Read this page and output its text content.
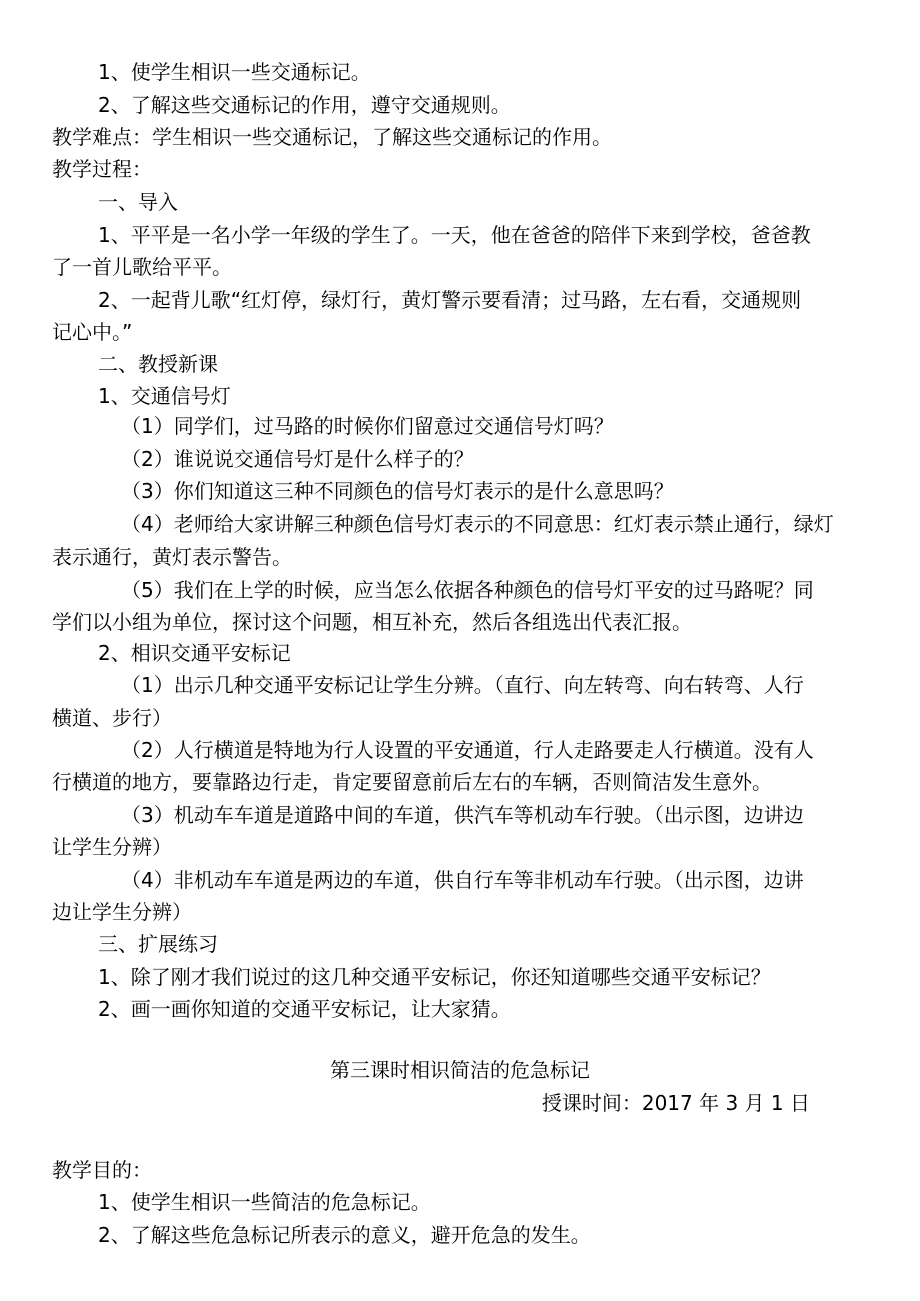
1、使学生相识一些交通标记。
2、了解这些交通标记的作用，遵守交通规则。
教学难点：学生相识一些交通标记，了解这些交通标记的作用。
教学过程：
一、导入
1、平平是一名小学一年级的学生了。一天，他在爸爸的陪伴下来到学校，爸爸教
了一首儿歌给平平。
2、一起背儿歌“红灯停，绿灯行，黄灯警示要看清；过马路，左右看，交通规则
记心中。”
二、教授新课
1、交通信号灯
（1）同学们，过马路的时候你们留意过交通信号灯吗？
（2）谁说说交通信号灯是什么样子的？
（3）你们知道这三种不同颜色的信号灯表示的是什么意思吗？
（4）老师给大家讲解三种颜色信号灯表示的不同意思：红灯表示禁止通行，绿灯
表示通行，黄灯表示警告。
（5）我们在上学的时候，应当怎么依据各种颜色的信号灯平安的过马路呢？同
学们以小组为单位，探讨这个问题，相互补充，然后各组选出代表汇报。
2、相识交通平安标记
（1）出示几种交通平安标记让学生分辨。（直行、向左转弯、向右转弯、人行
横道、步行）
（2）人行横道是特地为行人设置的平安通道，行人走路要走人行横道。没有人
行横道的地方，要靠路边行走，肯定要留意前后左右的车辆，否则简洁发生意外。
（3）机动车车道是道路中间的车道，供汽车等机动车行驶。（出示图，边讲边
让学生分辨）
（4）非机动车车道是两边的车道，供自行车等非机动车行驶。（出示图，边讲
边让学生分辨）
三、扩展练习
1、除了刚才我们说过的这几种交通平安标记，你还知道哪些交通平安标记？
2、画一画你知道的交通平安标记，让大家猜。
第三课时相识简洁的危急标记
授课时间：2017 年 3 月 1 日
教学目的：
1、使学生相识一些简洁的危急标记。
2、了解这些危急标记所表示的意义，避开危急的发生。
